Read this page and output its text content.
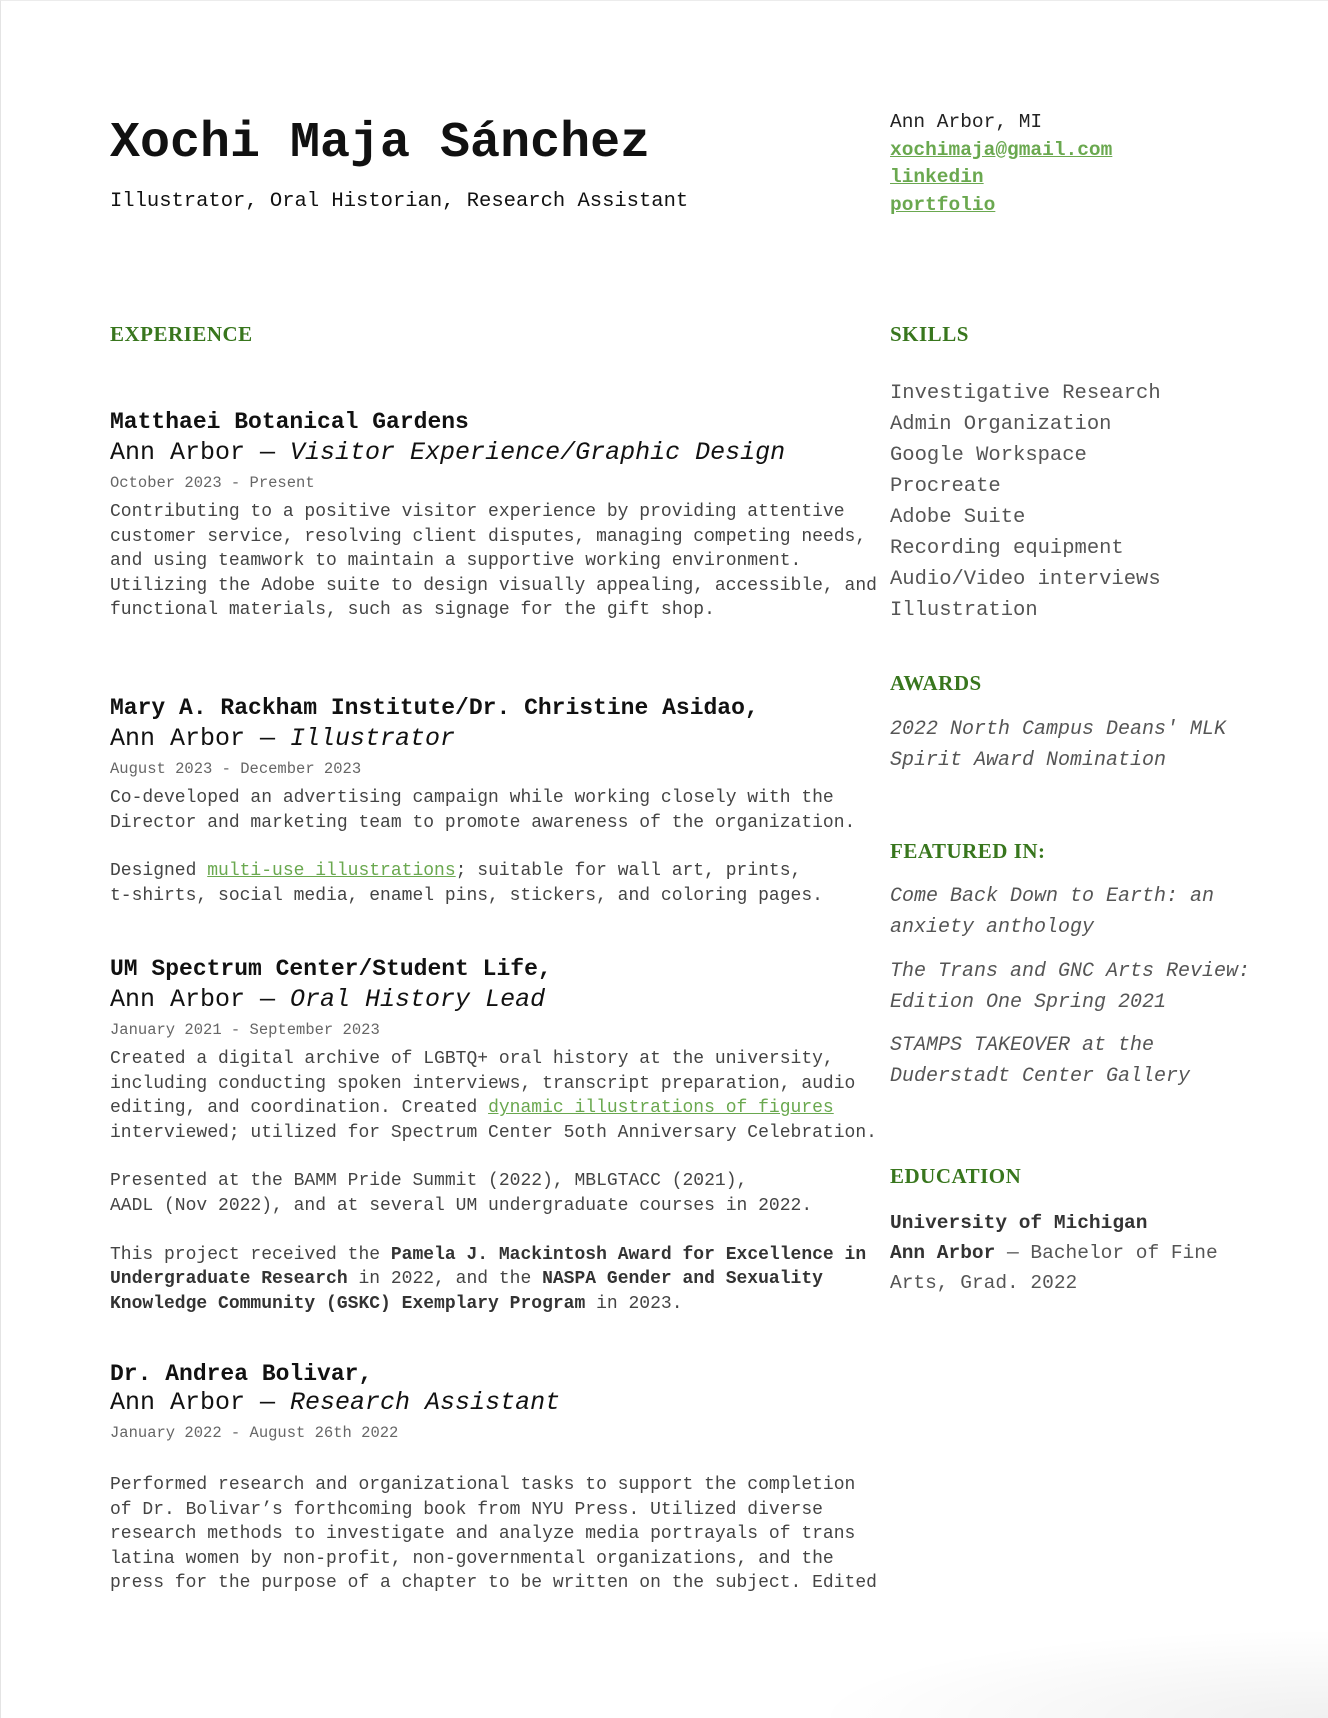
Xochi Maja Sánchez
Illustrator, Oral Historian, Research Assistant
Ann Arbor, MI
xochimaja@gmail.com
linkedin
portfolio
EXPERIENCE	SKILLS
AWARDS
FEATURED IN:
EDUCATION
Matthaei Botanical Gardens
Ann Arbor — Visitor Experience/Graphic Design
October 2023 - Present

Contributing to a positive visitor experience by providing attentive
customer service, resolving client disputes, managing competing needs,
and using teamwork to maintain a supportive working environment.
Utilizing the Adobe suite to design visually appealing, accessible, and
functional materials, such as signage for the gift shop.

Mary A. Rackham Institute/Dr. Christine Asidao,
Ann Arbor — Illustrator
August 2023 - December 2023

Co-developed an advertising campaign while working closely with the
Director and marketing team to promote awareness of the organization.

Designed multi-use illustrations; suitable for wall art, prints,
t-shirts, social media, enamel pins, stickers, and coloring pages.

UM Spectrum Center/Student Life,
Ann Arbor — Oral History Lead
January 2021 - September 2023

Created a digital archive of LGBTQ+ oral history at the university,
including conducting spoken interviews, transcript preparation, audio
editing, and coordination. Created dynamic illustrations of figures
interviewed; utilized for Spectrum Center 5oth Anniversary Celebration.

Presented at the BAMM Pride Summit (2022), MBLGTACC (2021),
AADL (Nov 2022), and at several UM undergraduate courses in 2022.

This project received the Pamela J. Mackintosh Award for Excellence in
Undergraduate Research in 2022, and the NASPA Gender and Sexuality
Knowledge Community (GSKC) Exemplary Program in 2023.

Dr. Andrea Bolivar,
Ann Arbor — Research Assistant
January 2022 - August 26th 2022

Performed research and organizational tasks to support the completion
of Dr. Bolivar’s forthcoming book from NYU Press. Utilized diverse
research methods to investigate and analyze media portrayals of trans
latina women by non-profit, non-governmental organizations, and the
press for the purpose of a chapter to be written on the subject. Edited

Investigative Research
Admin Organization
Google Workspace
Procreate
Adobe Suite
Recording equipment
Audio/Video interviews
Illustration
2022 North Campus Deans' MLK
Spirit Award Nomination
Come Back Down to Earth: an
anxiety anthology
The Trans and GNC Arts Review:
Edition One Spring 2021
STAMPS TAKEOVER at the
Duderstadt Center Gallery
University of Michigan
Ann Arbor — Bachelor of Fine
Arts, Grad. 2022
